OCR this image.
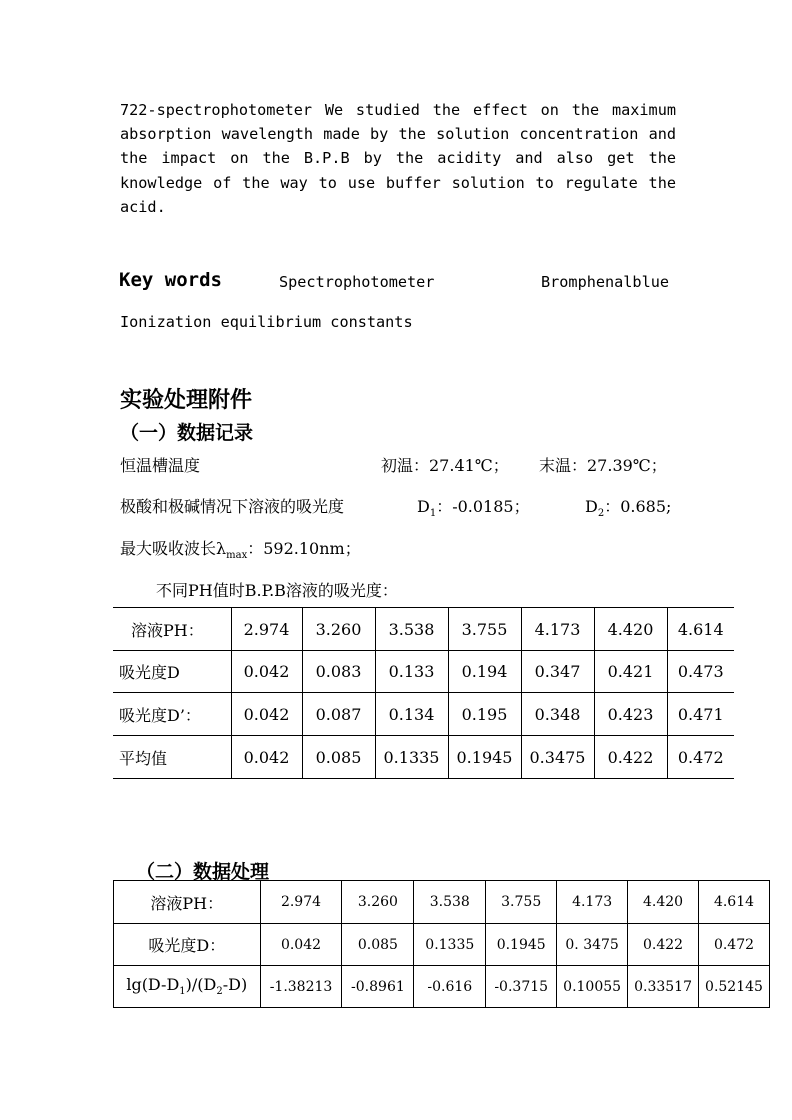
722-spectrophotometer We studied the effect on the maximum
absorption wavelength made by the solution concentration and
the impact on the B.P.B by the acidity and also get the
knowledge of the way to use buffer solution to regulate the
acid.
Key words	Spectrophotometer	Bromphenalblue
Ionization equilibrium constants
实验处理附件
（一）数据记录
恒温槽温度	初温：27.41℃； 末温：27.39℃；
极酸和极碱情况下溶液的吸光度	$D_1$：-0.0185；	$D_2$：0.685;
最大吸收波长$\lambda_{max}$：592.10nm；
不同PH值时B.P.B溶液的吸光度：
溶液PH：	2.974	3.260	3.538	3.755	4.173	4.420	4.614
吸光度D	0.042	0.083	0.133	0.194	0.347	0.421	0.473
吸光度D’：	0.042	0.087	0.134	0.195	0.348	0.423	0.471
平均值	0.042	0.085	0.1335	0.1945	0.3475	0.422	0.472
（二）数据处理
溶液PH：	2.974	3.260	3.538	3.755	4.173	4.420	4.614
吸光度D：	0.042	0.085	0.1335	0.1945	0. 3475	0.422	0.472
$\lg(D-D_1)/(D_2-D)$	-1.38213	-0.8961	-0.616	-0.3715	0.10055	0.33517	0.52145
